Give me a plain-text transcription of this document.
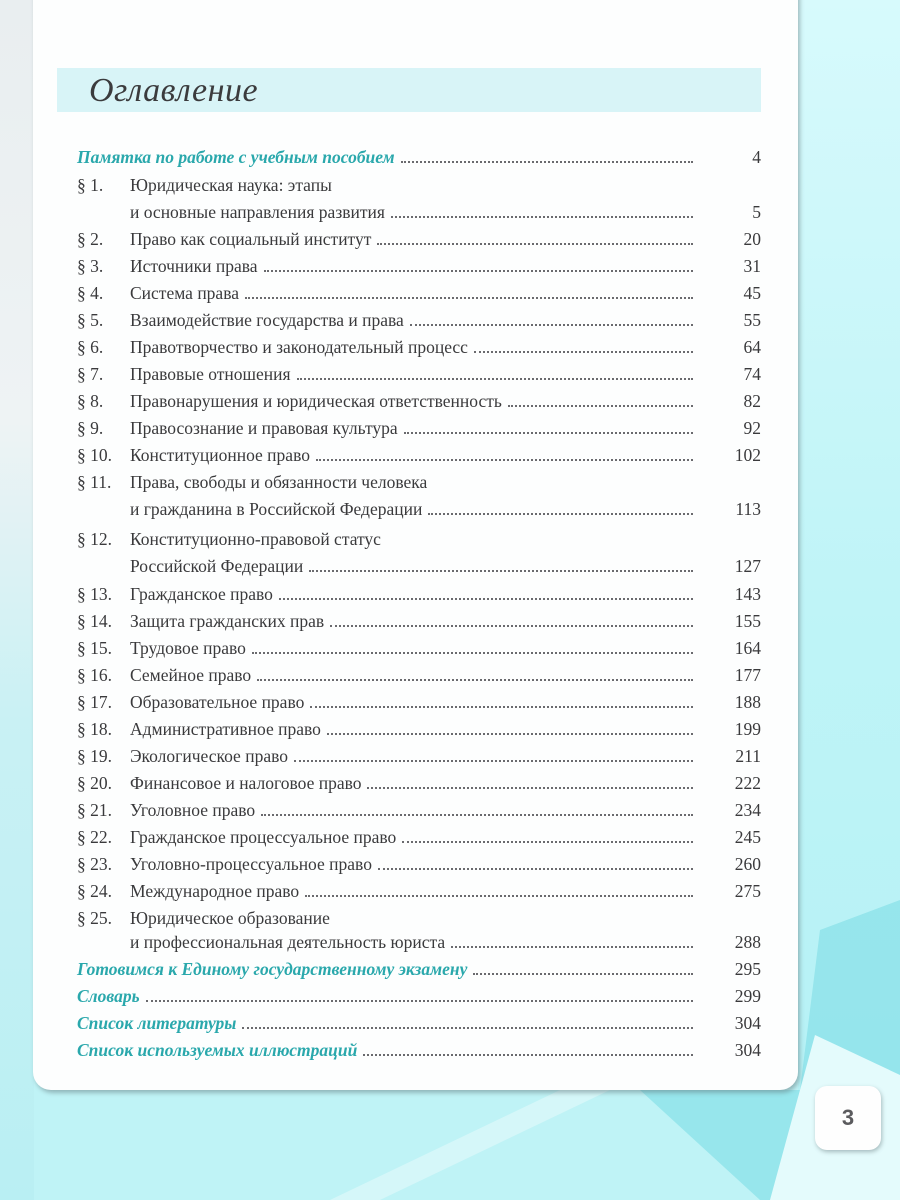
Оглавление
Памятка по работе с учебным пособием	4
§ 1. Юридическая наука: этапы
и основные направления развития	5
§ 2. Право как социальный институт	20
§ 3. Источники права	31
§ 4. Система права	45
§ 5. Взаимодействие государства и права	55
§ 6. Правотворчество и законодательный процесс	64
§ 7. Правовые отношения	74
§ 8. Правонарушения и юридическая ответственность	82
§ 9. Правосознание и правовая культура	92
§ 10. Конституционное право	102
§ 11. Права, свободы и обязанности человека
и гражданина в Российской Федерации	113
§ 12. Конституционно-правовой статус
Российской Федерации	127
§ 13. Гражданское право	143
§ 14. Защита гражданских прав	155
§ 15. Трудовое право	164
§ 16. Семейное право	177
§ 17. Образовательное право	188
§ 18. Административное право	199
§ 19. Экологическое право	211
§ 20. Финансовое и налоговое право	222
§ 21. Уголовное право	234
§ 22. Гражданское процессуальное право	245
§ 23. Уголовно-процессуальное право	260
§ 24. Международное право	275
§ 25. Юридическое образование
и профессиональная деятельность юриста	288
Готовимся к Единому государственному экзамену	295
Словарь	299
Список литературы	304
Список используемых иллюстраций	304
3
